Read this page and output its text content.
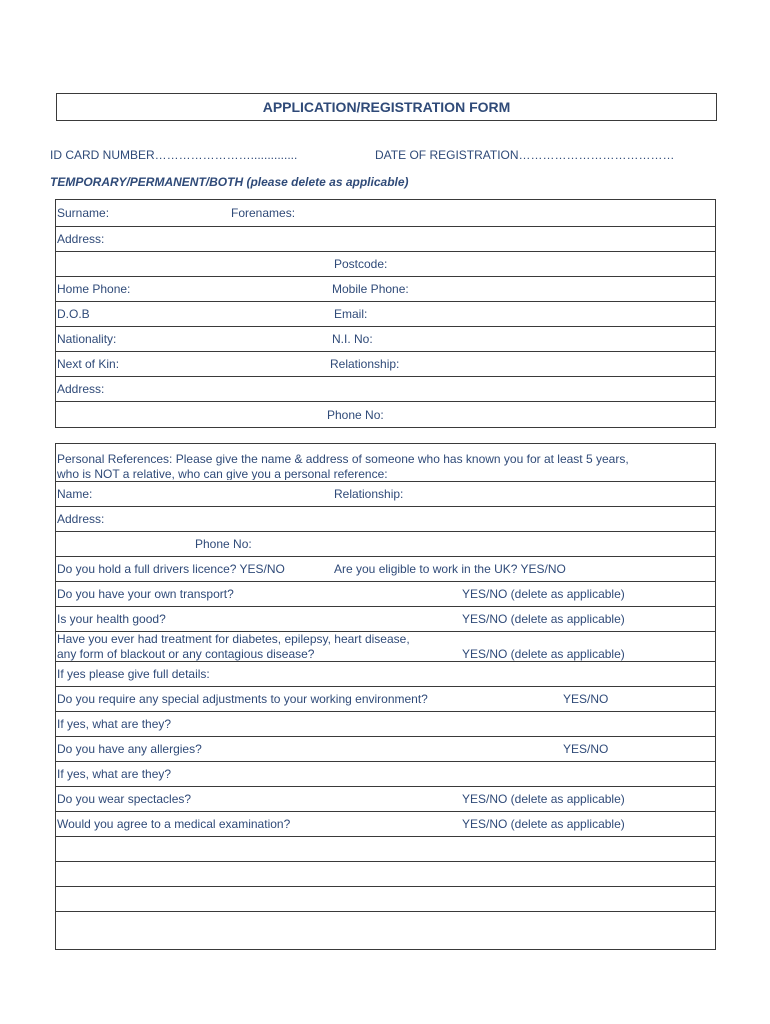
APPLICATION/REGISTRATION FORM
ID CARD NUMBER……………………..............	DATE OF REGISTRATION…………………………………
TEMPORARY/PERMANENT/BOTH (please delete as applicable)
Surname:	Forenames:
Address:
Postcode:
Home Phone:	Mobile Phone:
D.O.B	Email:
Nationality:	N.I. No:
Next of Kin:	Relationship:
Address:
Phone No:
Personal References: Please give the name & address of someone who has known you for at least 5 years,
who is NOT a relative, who can give you a personal reference:
Name:	Relationship:
Address:
Phone No:
Do you hold a full drivers licence? YES/NO	Are you eligible to work in the UK? YES/NO
Do you have your own transport?	YES/NO (delete as applicable)
Is your health good?	YES/NO (delete as applicable)
Have you ever had treatment for diabetes, epilepsy, heart disease,
any form of blackout or any contagious disease?	YES/NO (delete as applicable)
If yes please give full details:
Do you require any special adjustments to your working environment?	YES/NO
If yes, what are they?
Do you have any allergies?	YES/NO
If yes, what are they?
Do you wear spectacles?	YES/NO (delete as applicable)
Would you agree to a medical examination?	YES/NO (delete as applicable)
